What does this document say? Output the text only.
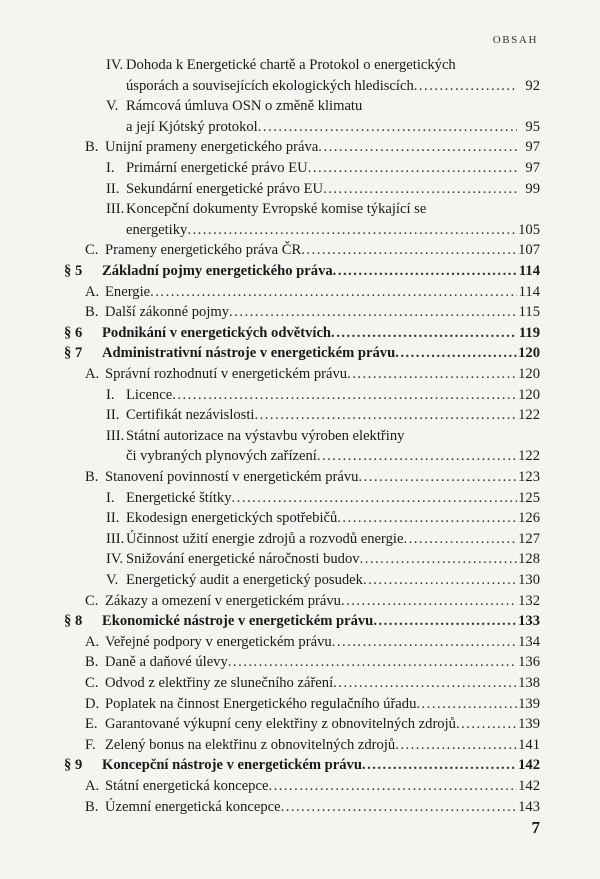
OBSAH
IV. Dohoda k Energetické chartě a Protokol o energetických
úsporách a souvisejících ekologických hlediscích .....	92
V. Rámcová úmluva OSN o změně klimatu
a její Kjótský protokol .....	95
B. Unijní prameny energetického práva .....	97
I. Primární energetické právo EU .....	97
II. Sekundární energetické právo EU .....	99
III. Koncepční dokumenty Evropské komise týkající se
energetiky .....	105
C. Prameny energetického práva ČR .....	107
§ 5	Základní pojmy energetického práva .....	114
A. Energie .....	114
B. Další zákonné pojmy .....	115
§ 6	Podnikání v energetických odvětvích .....	119
§ 7	Administrativní nástroje v energetickém právu .....	120
A. Správní rozhodnutí v energetickém právu .....	120
I. Licence .....	120
II. Certifikát nezávislosti .....	122
III. Státní autorizace na výstavbu výroben elektřiny
či vybraných plynových zařízení .....	122
B. Stanovení povinností v energetickém právu .....	123
I. Energetické štítky .....	125
II. Ekodesign energetických spotřebičů .....	126
III. Účinnost užití energie zdrojů a rozvodů energie .....	127
IV. Snižování energetické náročnosti budov .....	128
V. Energetický audit a energetický posudek .....	130
C. Zákazy a omezení v energetickém právu .....	132
§ 8	Ekonomické nástroje v energetickém právu .....	133
A. Veřejné podpory v energetickém právu .....	134
B. Daně a daňové úlevy .....	136
C. Odvod z elektřiny ze slunečního záření .....	138
D. Poplatek na činnost Energetického regulačního úřadu .....	139
E. Garantované výkupní ceny elektřiny z obnovitelných zdrojů .....	139
F. Zelený bonus na elektřinu z obnovitelných zdrojů .....	141
§ 9	Koncepční nástroje v energetickém právu .....	142
A. Státní energetická koncepce .....	142
B. Územní energetická koncepce .....	143
7
